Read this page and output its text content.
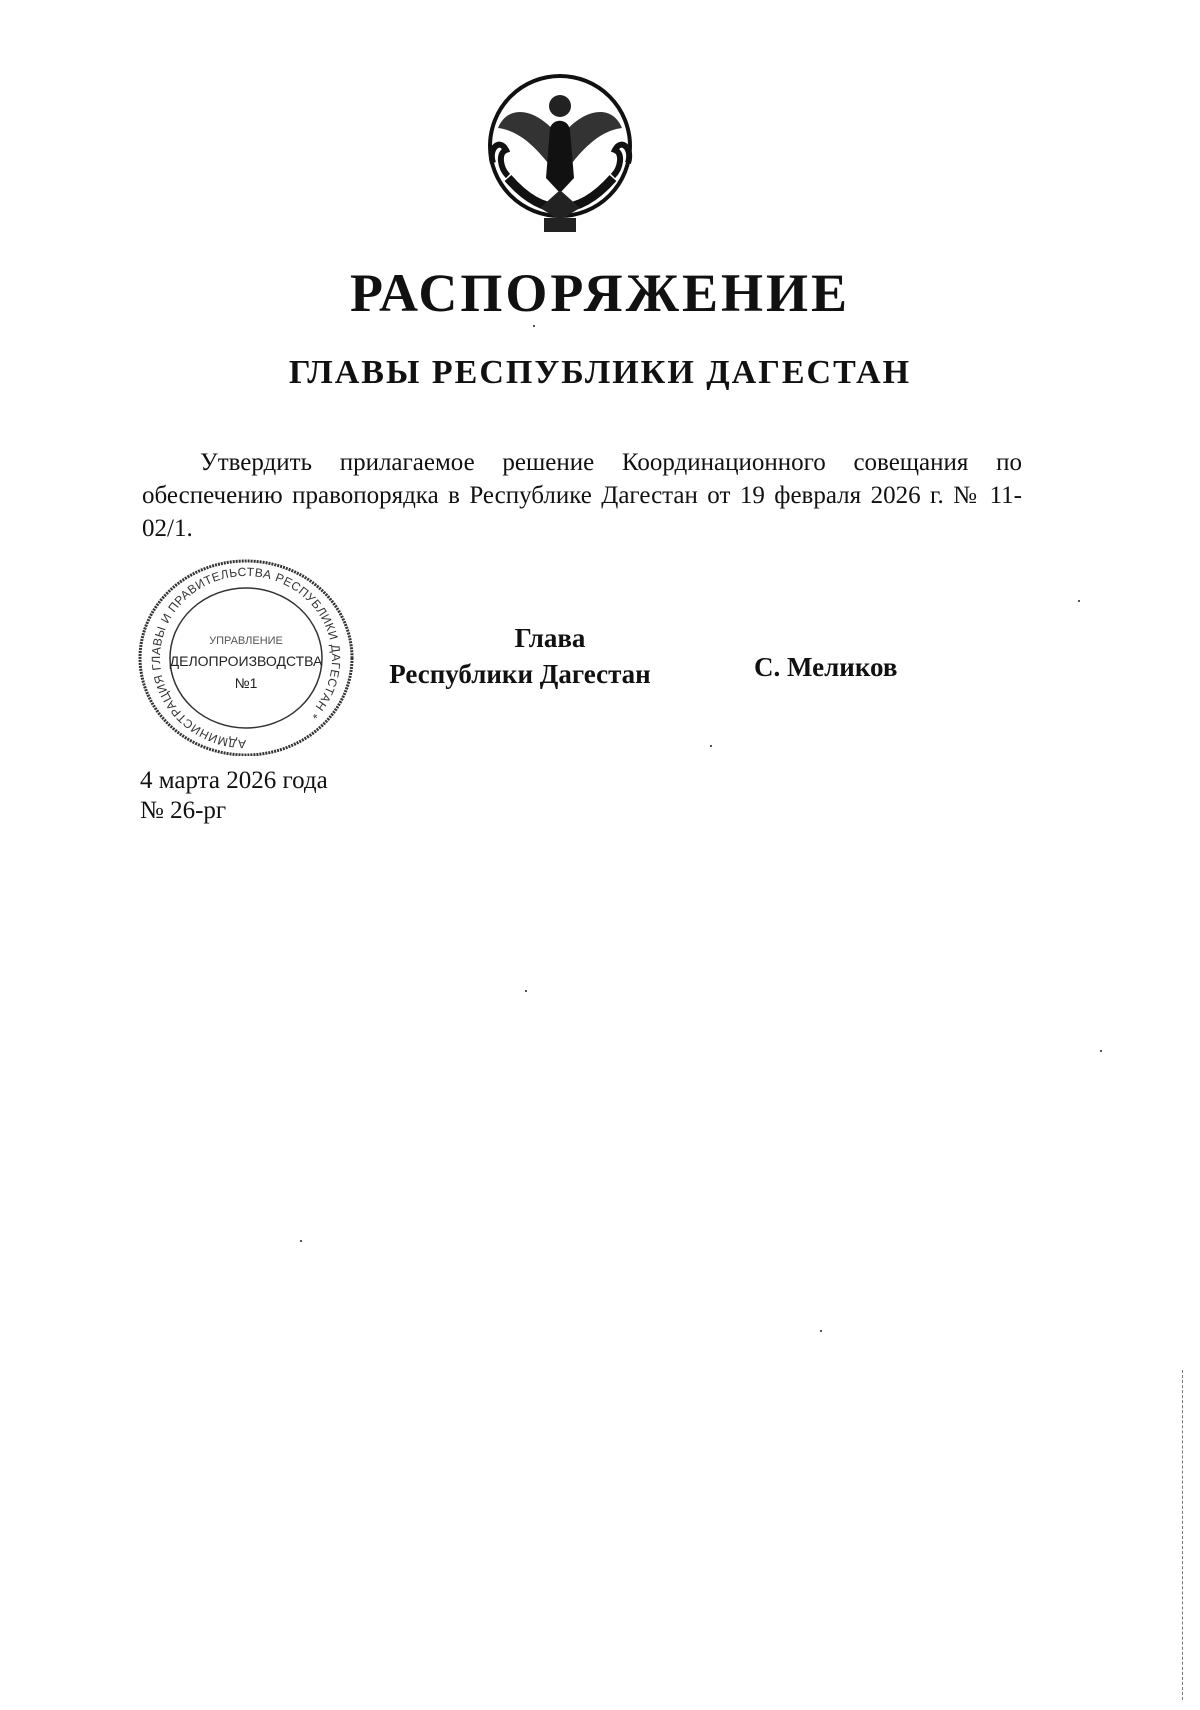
РАСПОРЯЖЕНИЕ
ГЛАВЫ РЕСПУБЛИКИ ДАГЕСТАН
Утвердить прилагаемое решение Координационного совещания по обеспечению правопорядка в Республике Дагестан от 19 февраля 2026 г. № 11-02/1.
АДМИНИСТРАЦИЯ ГЛАВЫ И ПРАВИТЕЛЬСТВА РЕСПУБЛИКИ ДАГЕСТАН *
УПРАВЛЕНИЕ
ДЕЛОПРОИЗВОДСТВА
№1
Глава
Республики Дагестан	С. Меликов
4 марта 2026 года
№ 26-рг
